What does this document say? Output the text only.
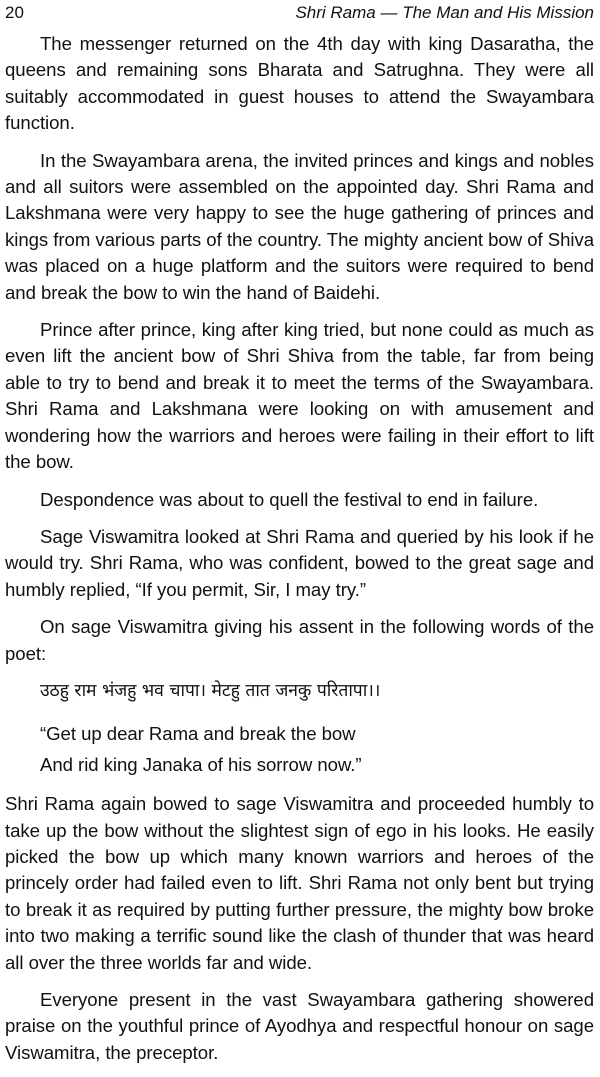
20	Shri Rama — The Man and His Mission

The messenger returned on the 4th day with king Dasaratha, the queens and remaining sons Bharata and Satrughna. They were all suitably accommodated in guest houses to attend the Swayambara function.

In the Swayambara arena, the invited princes and kings and nobles and all suitors were assembled on the appointed day. Shri Rama and Lakshmana were very happy to see the huge gathering of princes and kings from various parts of the country. The mighty ancient bow of Shiva was placed on a huge platform and the suitors were required to bend and break the bow to win the hand of Baidehi.

Prince after prince, king after king tried, but none could as much as even lift the ancient bow of Shri Shiva from the table, far from being able to try to bend and break it to meet the terms of the Swayambara. Shri Rama and Lakshmana were looking on with amusement and wondering how the warriors and heroes were failing in their effort to lift the bow.

Despondence was about to quell the festival to end in failure.

Sage Viswamitra looked at Shri Rama and queried by his look if he would try. Shri Rama, who was confident, bowed to the great sage and humbly replied, “If you permit, Sir, I may try.”

On sage Viswamitra giving his assent in the following words of the poet:

उठहु राम भंजहु भव चापा। मेटहु तात जनकु परितापा।।

“Get up dear Rama and break the bow

And rid king Janaka of his sorrow now.”

Shri Rama again bowed to sage Viswamitra and proceeded humbly to take up the bow without the slightest sign of ego in his looks. He easily picked the bow up which many known warriors and heroes of the princely order had failed even to lift. Shri Rama not only bent but trying to break it as required by putting further pressure, the mighty bow broke into two making a terrific sound like the clash of thunder that was heard all over the three worlds far and wide.

Everyone present in the vast Swayambara gathering showered praise on the youthful prince of Ayodhya and respectful honour on sage Viswamitra, the preceptor.
